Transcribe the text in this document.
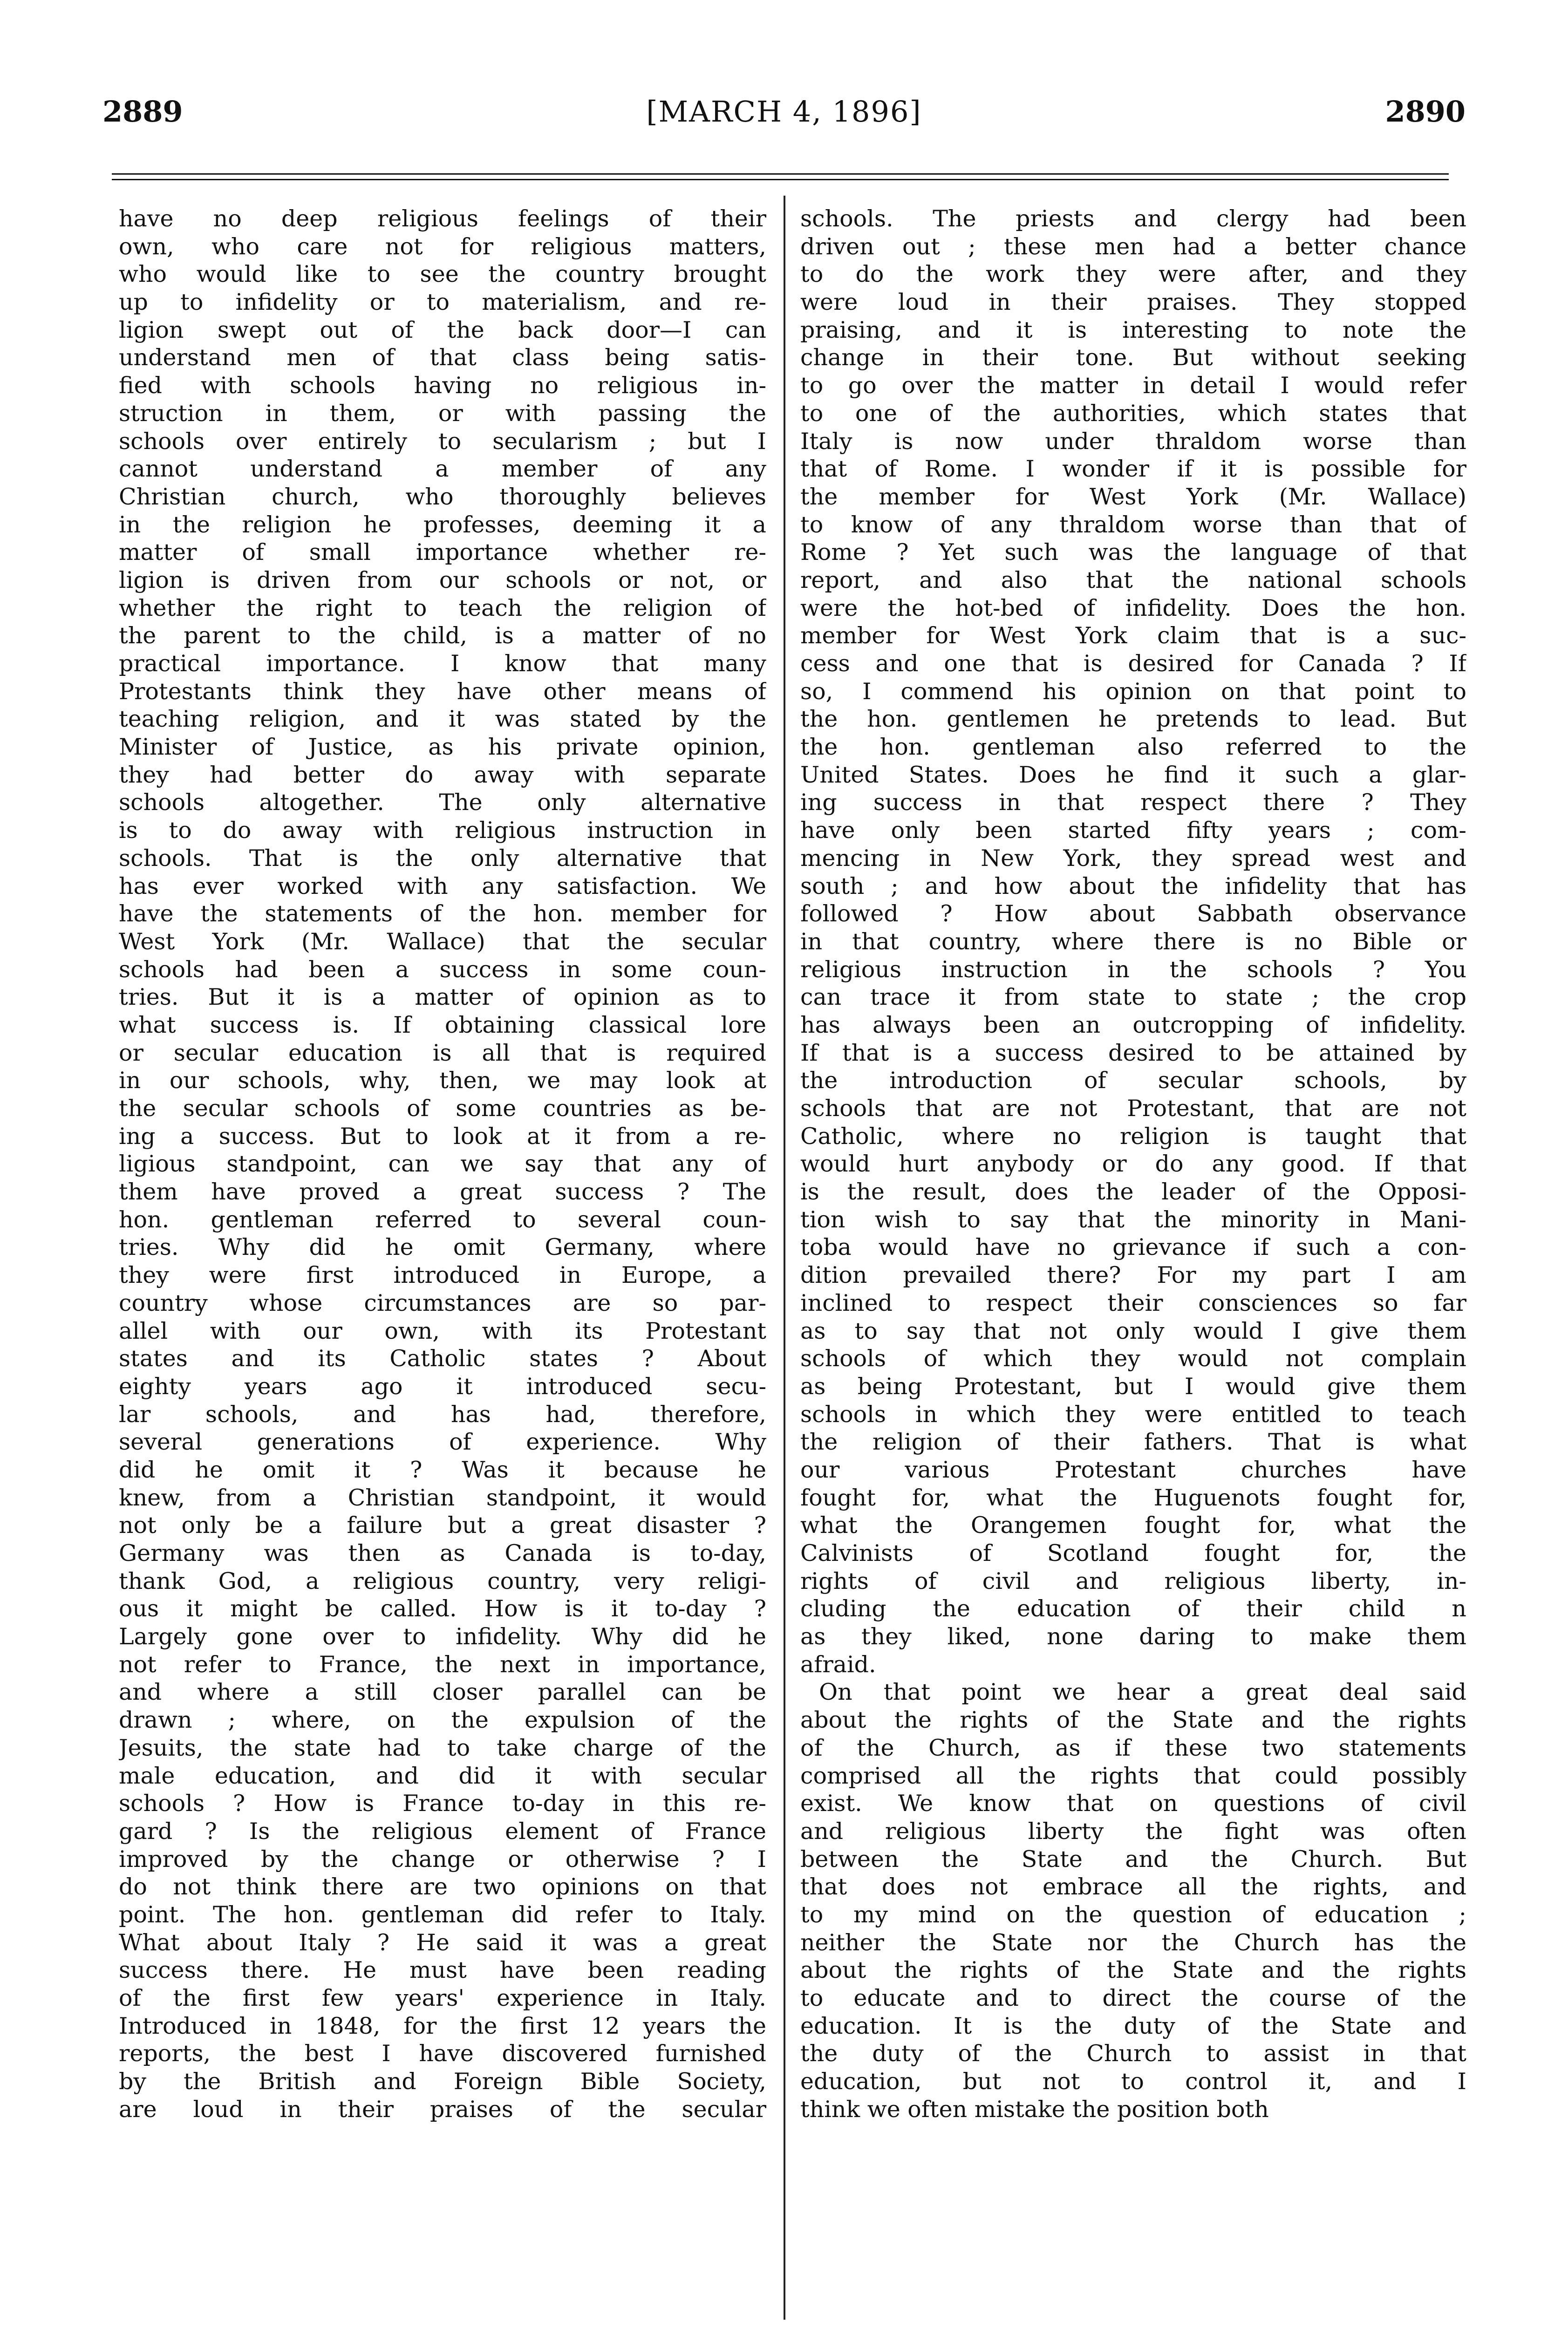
2889	[MARCH 4, 1896]	2890
have no deep religious feelings of their
own, who care not for religious matters,
who would like to see the country brought
up to infidelity or to materialism, and re-
ligion swept out of the back door—I can
understand men of that class being satis-
fied with schools having no religious in-
struction in them, or with passing the
schools over entirely to secularism ; but I
cannot understand a member of any
Christian church, who thoroughly believes
in the religion he professes, deeming it a
matter of small importance whether re-
ligion is driven from our schools or not, or
whether the right to teach the religion of
the parent to the child, is a matter of no
practical importance. I know that many
Protestants think they have other means of
teaching religion, and it was stated by the
Minister of Justice, as his private opinion,
they had better do away with separate
schools altogether. The only alternative
is to do away with religious instruction in
schools. That is the only alternative that
has ever worked with any satisfaction. We
have the statements of the hon. member for
West York (Mr. Wallace) that the secular
schools had been a success in some coun-
tries. But it is a matter of opinion as to
what success is. If obtaining classical lore
or secular education is all that is required
in our schools, why, then, we may look at
the secular schools of some countries as be-
ing a success. But to look at it from a re-
ligious standpoint, can we say that any of
them have proved a great success ? The
hon. gentleman referred to several coun-
tries. Why did he omit Germany, where
they were first introduced in Europe, a
country whose circumstances are so par-
allel with our own, with its Protestant
states and its Catholic states ? About
eighty years ago it introduced secu-
lar schools, and has had, therefore,
several generations of experience. Why
did he omit it ? Was it because he
knew, from a Christian standpoint, it would
not only be a failure but a great disaster ?
Germany was then as Canada is to-day,
thank God, a religious country, very religi-
ous it might be called. How is it to-day ?
Largely gone over to infidelity. Why did he
not refer to France, the next in importance,
and where a still closer parallel can be
drawn ; where, on the expulsion of the
Jesuits, the state had to take charge of the
male education, and did it with secular
schools ? How is France to-day in this re-
gard ? Is the religious element of France
improved by the change or otherwise ? I
do not think there are two opinions on that
point. The hon. gentleman did refer to Italy.
What about Italy ? He said it was a great
success there. He must have been reading
of the first few years' experience in Italy.
Introduced in 1848, for the first 12 years the
reports, the best I have discovered furnished
by the British and Foreign Bible Society,
are loud in their praises of the secular
schools. The priests and clergy had been
driven out ; these men had a better chance
to do the work they were after, and they
were loud in their praises. They stopped
praising, and it is interesting to note the
change in their tone. But without seeking
to go over the matter in detail I would refer
to one of the authorities, which states that
Italy is now under thraldom worse than
that of Rome. I wonder if it is possible for
the member for West York (Mr. Wallace)
to know of any thraldom worse than that of
Rome ? Yet such was the language of that
report, and also that the national schools
were the hot-bed of infidelity. Does the hon.
member for West York claim that is a suc-
cess and one that is desired for Canada ? If
so, I commend his opinion on that point to
the hon. gentlemen he pretends to lead. But
the hon. gentleman also referred to the
United States. Does he find it such a glar-
ing success in that respect there ? They
have only been started fifty years ; com-
mencing in New York, they spread west and
south ; and how about the infidelity that has
followed ? How about Sabbath observance
in that country, where there is no Bible or
religious instruction in the schools ? You
can trace it from state to state ; the crop
has always been an outcropping of infidelity.
If that is a success desired to be attained by
the introduction of secular schools, by
schools that are not Protestant, that are not
Catholic, where no religion is taught that
would hurt anybody or do any good. If that
is the result, does the leader of the Opposi-
tion wish to say that the minority in Mani-
toba would have no grievance if such a con-
dition prevailed there? For my part I am
inclined to respect their consciences so far
as to say that not only would I give them
schools of which they would not complain
as being Protestant, but I would give them
schools in which they were entitled to teach
the religion of their fathers. That is what
our various Protestant churches have
fought for, what the Huguenots fought for,
what the Orangemen fought for, what the
Calvinists of Scotland fought for, the
rights of civil and religious liberty, in-
cluding the education of their child n
as they liked, none daring to make them
afraid.
On that point we hear a great deal said
about the rights of the State and the rights
of the Church, as if these two statements
comprised all the rights that could possibly
exist. We know that on questions of civil
and religious liberty the fight was often
between the State and the Church. But
that does not embrace all the rights, and
to my mind on the question of education ;
neither the State nor the Church has the
about the rights of the State and the rights
to educate and to direct the course of the
education. It is the duty of the State and
the duty of the Church to assist in that
education, but not to control it, and I
think we often mistake the position both
